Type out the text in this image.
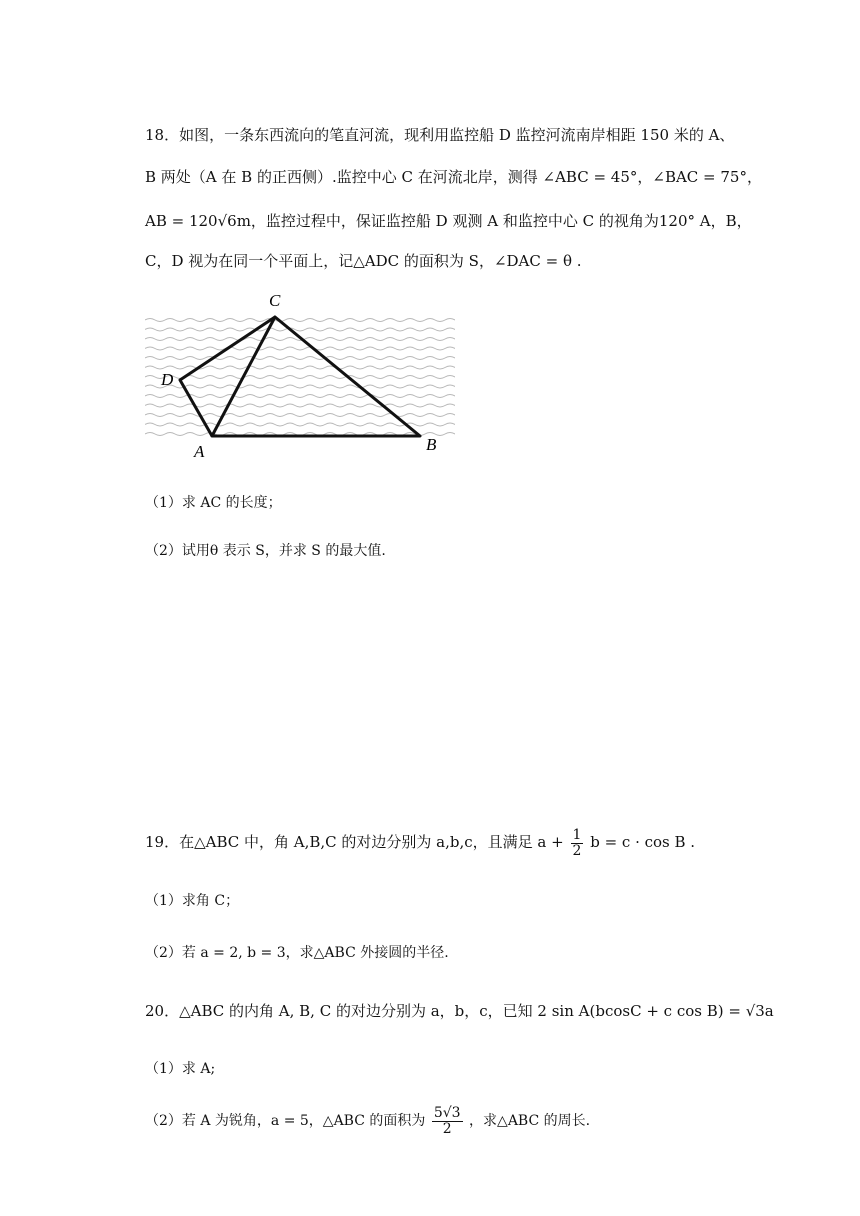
18．如图，一条东西流向的笔直河流，现利用监控船 D 监控河流南岸相距 150 米的 A、
B 两处（A 在 B 的正西侧）.监控中心 C 在河流北岸，测得 ∠ABC = 45°，∠BAC = 75°，
AB = 120√6m，监控过程中，保证监控船 D 观测 A 和监控中心 C 的视角为120° A，B，
C，D 视为在同一个平面上，记△ADC 的面积为 S，∠DAC = θ .
C
D
A	B
（1）求 AC 的长度；
（2）试用θ 表示 S，并求 S 的最大值.
19．在△ABC 中，角 A,B,C 的对边分别为 a,b,c，且满足 $a + \frac{1}{2}$ b = c · cos B .
（1）求角 C；
（2）若 a = 2, b = 3，求△ABC 外接圆的半径.
20．△ABC 的内角 A, B, C 的对边分别为 a，b，c，已知 2 sin A(bcosC + c cos B) = √3a
（1）求 A;
（2）若 A 为锐角，a = 5，△ABC 的面积为 $\frac{5√3}{2}$ ，求△ABC 的周长.
